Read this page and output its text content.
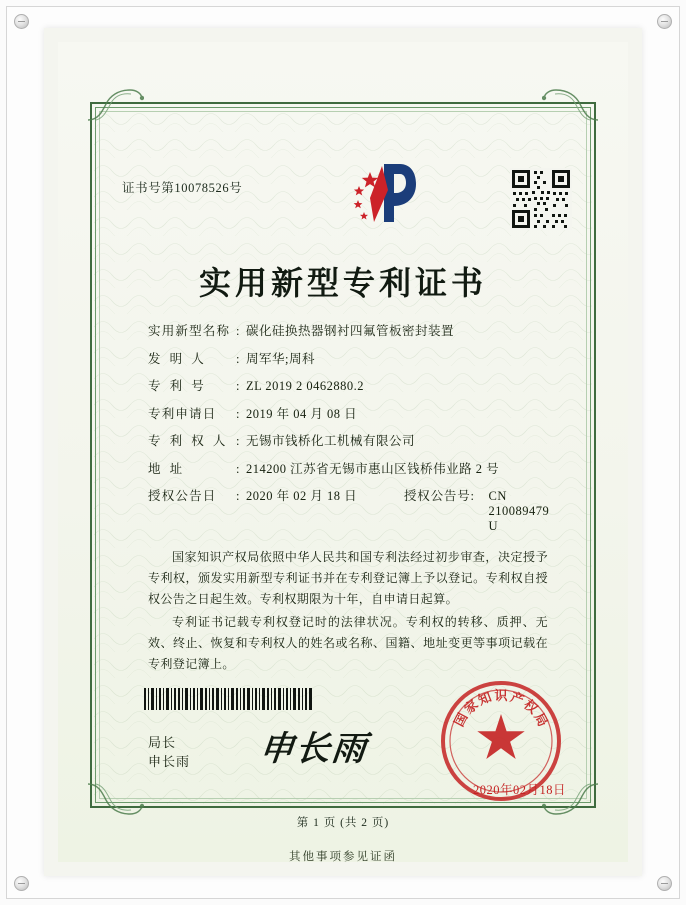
证书号第10078526号
实用新型专利证书
实用新型名称 : 碳化硅换热器钢衬四氟管板密封装置
发 明 人	: 周军华;周科
专 利 号	: ZL 2019 2 0462880.2
专利申请日	: 2019 年 04 月 08 日
专 利 权 人 : 无锡市钱桥化工机械有限公司
地 址	: 214200 江苏省无锡市惠山区钱桥伟业路 2 号
授权公告日	: 2020 年 02 月 18 日	授权公告号 :	CN 210089479 U

国家知识产权局依照中华人民共和国专利法经过初步审查，决定授予专利权，颁发实用新型专利证书并在专利登记簿上予以登记。专利权自授权公告之日起生效。专利权期限为十年，自申请日起算。

专利证书记载专利权登记时的法律状况。专利权的转移、质押、无效、终止、恢复和专利权人的姓名或名称、国籍、地址变更等事项记载在专利登记簿上。

局长
申长雨 申长雨
国
家
知 识 产
权
局
2020年02月18日
第 1 页 (共 2 页)
其他事项参见证函
